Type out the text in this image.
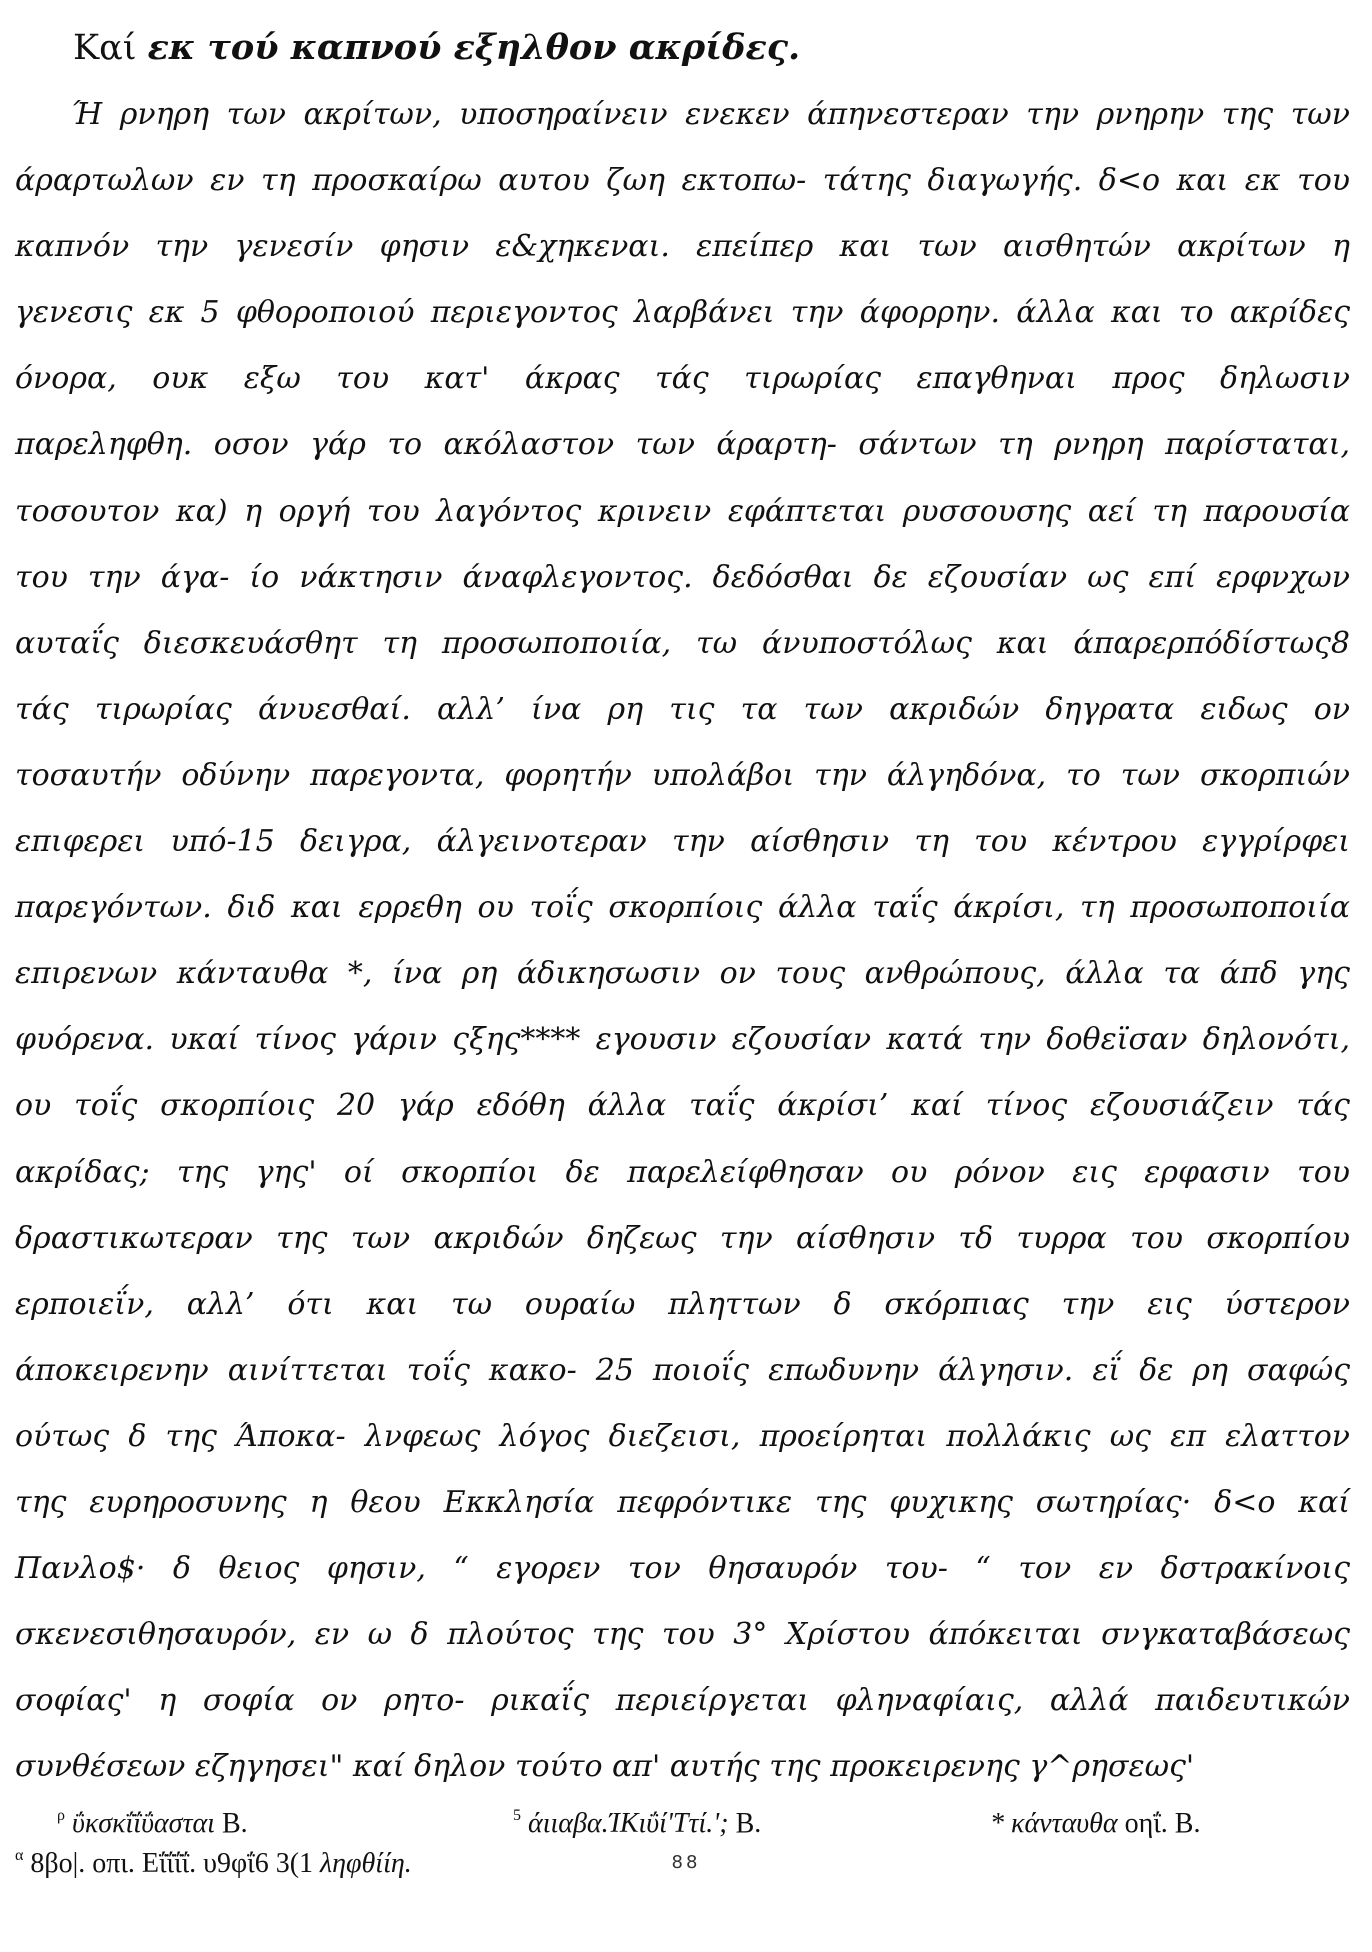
Καί εκ τού καπνού εξηλθον ακρίδες.
Ή ρνηρη των ακρίτων, υποσηραίνειν ενεκεν άπηνεστεραν την ρνηρην της των
άραρτωλων εν τη προσκαίρω αυτου ζωη εκτοπω- τάτης διαγωγής. δ<ο και εκ του
καπνόν την γενεσίν φησιν ε&χηκεναι. επείπερ και των αισθητών ακρίτων η
γενεσις εκ 5 φθοροποιού περιεγοντος λαρβάνει την άφορρην. άλλα και το ακρίδες
όνορα, ουκ εξω του κατ' άκρας τάς τιρωρίας επαγθηναι προς δηλωσιν
παρεληφθη. οσον γάρ το ακόλαστον των άραρτη- σάντων τη ρνηρη παρίσταται,
τοσουτον κα) η οργή του λαγόντος κρινειν εφάπτεται ρυσσουσης αεί τη παρουσία
του την άγα- ίο νάκτησιν άναφλεγοντος. δεδόσθαι δε εζουσίαν ως επί ερφνχων
αυταΐς διεσκευάσθητ τη προσωποποιία, τω άνυποστόλως και άπαρερπόδίστως8
τάς τιρωρίας άνυεσθαί. αλλ’ ίνα ρη τις τα των ακριδών δηγρατα ειδως ον
τοσαυτήν οδύνην παρεγοντα, φορητήν υπολάβοι την άλγηδόνα, το των σκορπιών
επιφερει υπό-15 δειγρα, άλγεινοτεραν την αίσθησιν τη του κέντρου εγγρίρφει
παρεγόντων. διδ και ερρεθη ου τοΐς σκορπίοις άλλα ταΐς άκρίσι, τη προσωποποιία
επιρενων κάνταυθα *, ίνα ρη άδικησωσιν ον τους ανθρώπους, άλλα τα άπδ γης
φυόρενα. υκαί τίνος γάριν ςξης**** εγουσιν εζουσίαν κατά την δοθεϊσαν δηλονότι,
ου τοΐς σκορπίοις 20 γάρ εδόθη άλλα ταΐς άκρίσι’ καί τίνος εζουσιάζειν τάς
ακρίδας; της γης' οί σκορπίοι δε παρελείφθησαν ου ρόνον εις ερφασιν του
δραστικωτεραν της των ακριδών δηζεως την αίσθησιν τδ τυρρα του σκορπίου
ερποιεΐν, αλλ’ ότι και τω ουραίω πληττων δ σκόρπιας την εις ύστερον
άποκειρενην αινίττεται τοΐς κακο- 25 ποιοΐς επωδυνην άλγησιν. εΐ δε ρη σαφώς
ούτως δ της Άποκα- λνφεως λόγος διεζεισι, προείρηται πολλάκις ως επ ελαττον
της ευρηροσυνης η θεου Εκκλησία πεφρόντικε της φυχικης σωτηρίας· δ<ο καί
Πανλο$· δ θειος φησιν, “ εγορεν τον θησαυρόν του- “ τον εν δστρακίνοις
σκενεσιθησαυρόν, εν ω δ πλούτος της του 3° Χρίστου άπόκειται σνγκαταβάσεως
σοφίας' η σοφία ον ρητο- ρικαΐς περιείργεται φληναφίαις, αλλά παιδευτικών
συνθέσεων εζηγησει" καί δηλον τούτο απ' αυτής της προκειρενης γ^ρησεως'
$^\rho$ ΰκσκΐΐΰασται Β.	$^5$ άιιαβα.ΊΚιΰί'Ττί.'; Β.	* κάνταυθα οηΐ. Β.
$^\alpha$ 8βο|. οπι. Εΐΐΐΐ. υ9φΐ6 3(1 ληφθίίη.	88
